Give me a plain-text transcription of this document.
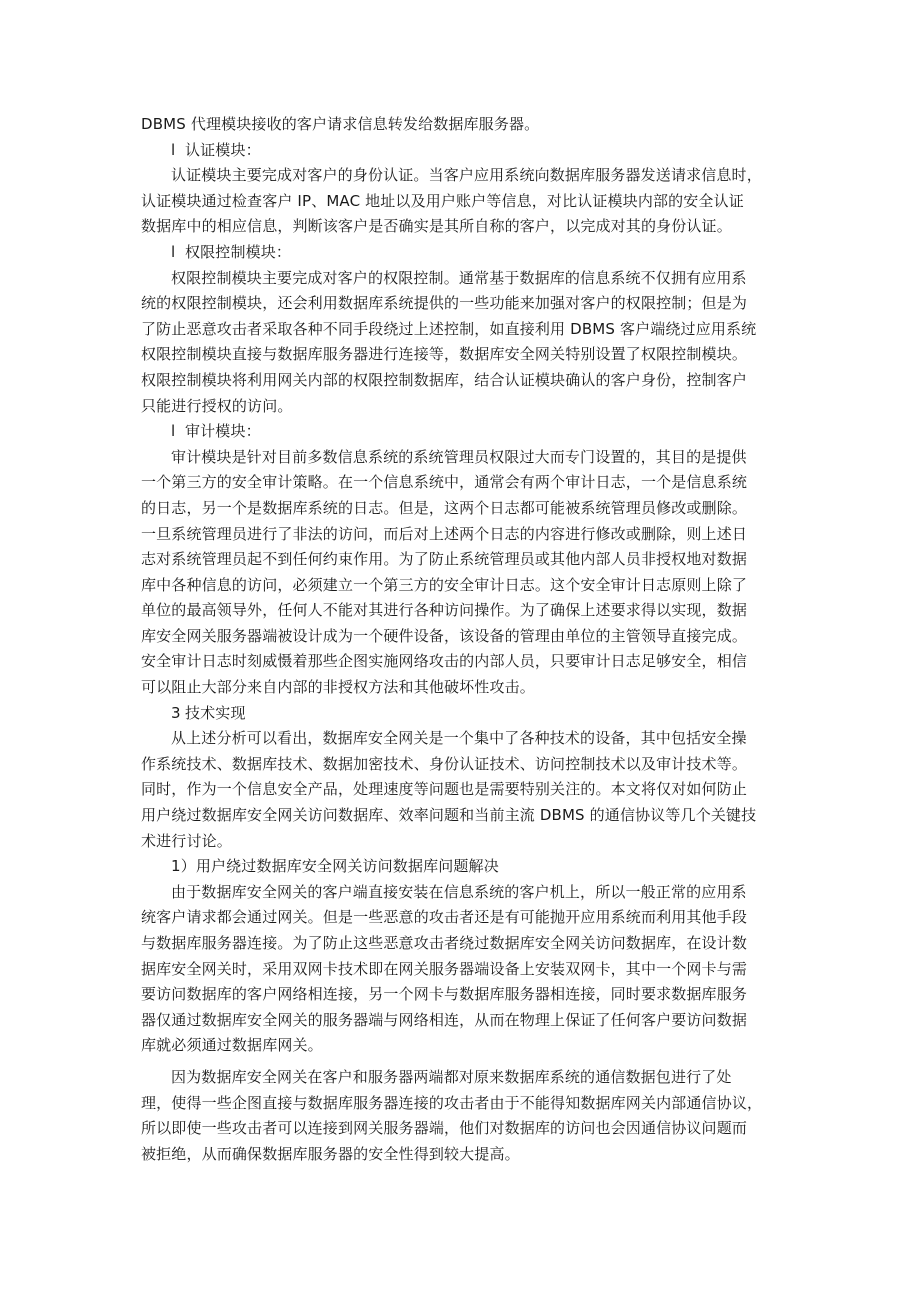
DBMS 代理模块接收的客户请求信息转发给数据库服务器。
l 认证模块：
认证模块主要完成对客户的身份认证。当客户应用系统向数据库服务器发送请求信息时，
认证模块通过检查客户 IP、MAC 地址以及用户账户等信息，对比认证模块内部的安全认证
数据库中的相应信息，判断该客户是否确实是其所自称的客户，以完成对其的身份认证。
l 权限控制模块：
权限控制模块主要完成对客户的权限控制。通常基于数据库的信息系统不仅拥有应用系
统的权限控制模块，还会利用数据库系统提供的一些功能来加强对客户的权限控制；但是为
了防止恶意攻击者采取各种不同手段绕过上述控制，如直接利用 DBMS 客户端绕过应用系统
权限控制模块直接与数据库服务器进行连接等，数据库安全网关特别设置了权限控制模块。
权限控制模块将利用网关内部的权限控制数据库，结合认证模块确认的客户身份，控制客户
只能进行授权的访问。
l 审计模块：
审计模块是针对目前多数信息系统的系统管理员权限过大而专门设置的，其目的是提供
一个第三方的安全审计策略。在一个信息系统中，通常会有两个审计日志，一个是信息系统
的日志，另一个是数据库系统的日志。但是，这两个日志都可能被系统管理员修改或删除。
一旦系统管理员进行了非法的访问，而后对上述两个日志的内容进行修改或删除，则上述日
志对系统管理员起不到任何约束作用。为了防止系统管理员或其他内部人员非授权地对数据
库中各种信息的访问，必须建立一个第三方的安全审计日志。这个安全审计日志原则上除了
单位的最高领导外，任何人不能对其进行各种访问操作。为了确保上述要求得以实现，数据
库安全网关服务器端被设计成为一个硬件设备，该设备的管理由单位的主管领导直接完成。
安全审计日志时刻威慑着那些企图实施网络攻击的内部人员，只要审计日志足够安全，相信
可以阻止大部分来自内部的非授权方法和其他破坏性攻击。
3 技术实现
从上述分析可以看出，数据库安全网关是一个集中了各种技术的设备，其中包括安全操
作系统技术、数据库技术、数据加密技术、身份认证技术、访问控制技术以及审计技术等。
同时，作为一个信息安全产品，处理速度等问题也是需要特别关注的。本文将仅对如何防止
用户绕过数据库安全网关访问数据库、效率问题和当前主流 DBMS 的通信协议等几个关键技
术进行讨论。
1）用户绕过数据库安全网关访问数据库问题解决
由于数据库安全网关的客户端直接安装在信息系统的客户机上，所以一般正常的应用系
统客户请求都会通过网关。但是一些恶意的攻击者还是有可能抛开应用系统而利用其他手段
与数据库服务器连接。为了防止这些恶意攻击者绕过数据库安全网关访问数据库，在设计数
据库安全网关时，采用双网卡技术即在网关服务器端设备上安装双网卡，其中一个网卡与需
要访问数据库的客户网络相连接，另一个网卡与数据库服务器相连接，同时要求数据库服务
器仅通过数据库安全网关的服务器端与网络相连，从而在物理上保证了任何客户要访问数据
库就必须通过数据库网关。
因为数据库安全网关在客户和服务器两端都对原来数据库系统的通信数据包进行了处
理，使得一些企图直接与数据库服务器连接的攻击者由于不能得知数据库网关内部通信协议，
所以即使一些攻击者可以连接到网关服务器端，他们对数据库的访问也会因通信协议问题而
被拒绝，从而确保数据库服务器的安全性得到较大提高。
